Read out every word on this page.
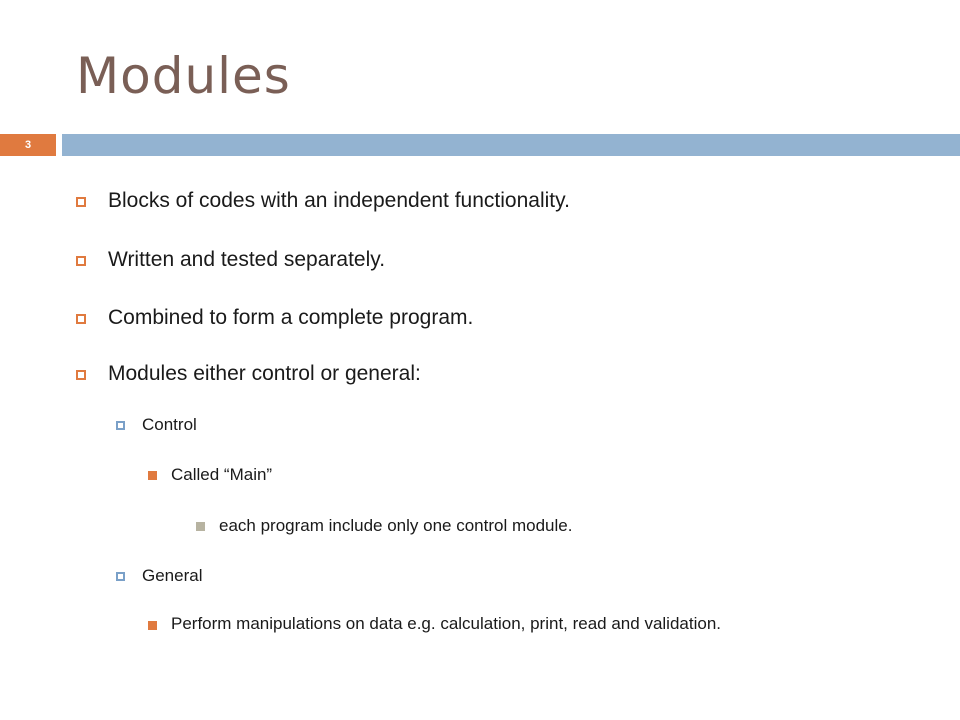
Modules
3
Blocks of codes with an independent functionality.
Written and tested separately.
Combined to form a complete program.
Modules either control or general:
Control
Called “Main”
each program include only one control module.
General
Perform manipulations on data e.g. calculation, print, read and validation.
